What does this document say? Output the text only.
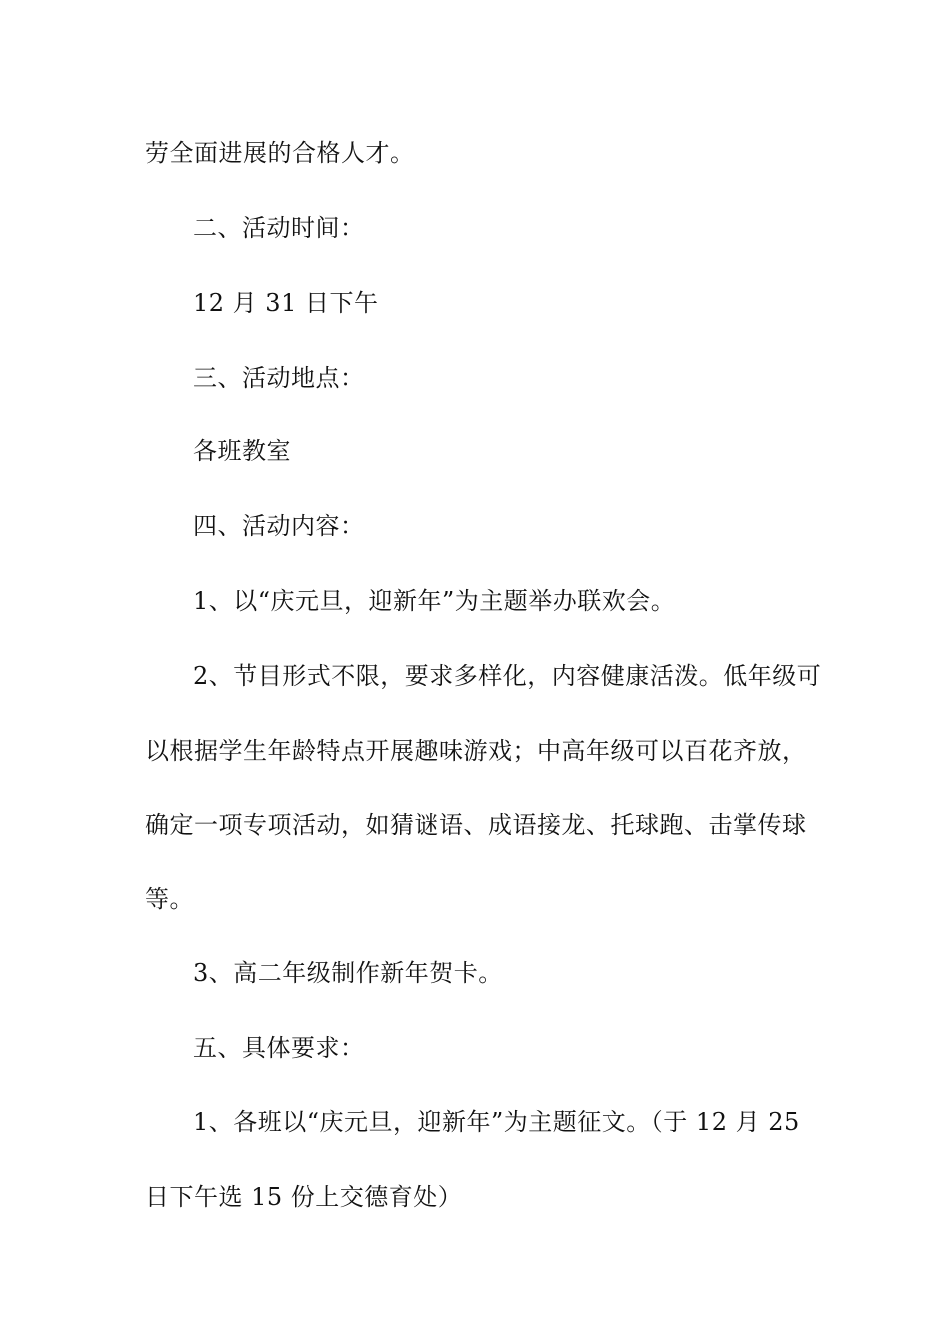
劳全面进展的合格人才。
二、活动时间：
12 月 31 日下午
三、活动地点：
各班教室
四、活动内容：
1、以“庆元旦，迎新年”为主题举办联欢会。
2、节目形式不限，要求多样化，内容健康活泼。低年级可
以根据学生年龄特点开展趣味游戏；中高年级可以百花齐放，
确定一项专项活动，如猜谜语、成语接龙、托球跑、击掌传球
等。
3、高二年级制作新年贺卡。
五、具体要求：
1、各班以“庆元旦，迎新年”为主题征文。（于 12 月 25
日下午选 15 份上交德育处）
